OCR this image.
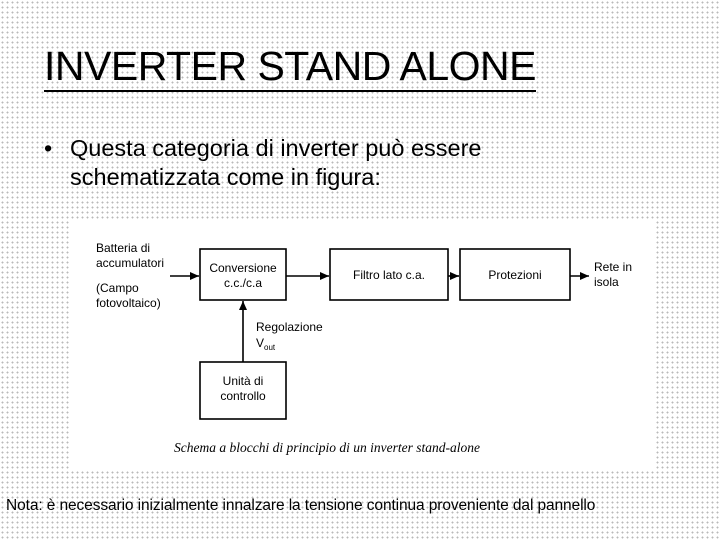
INVERTER STAND ALONE
• Questa categoria di inverter può essere schematizzata come in figura:
Batteria di
accumulatori
(Campo
fotovoltaico)
Conversione
c.c./c.a
Filtro lato c.a.	Protezioni
Rete in
isola
Regolazione
$V_{out}$
Unità di
controllo
Schema a blocchi di principio di un inverter stand-alone
Nota: è necessario inizialmente innalzare la tensione continua proveniente dal pannello
